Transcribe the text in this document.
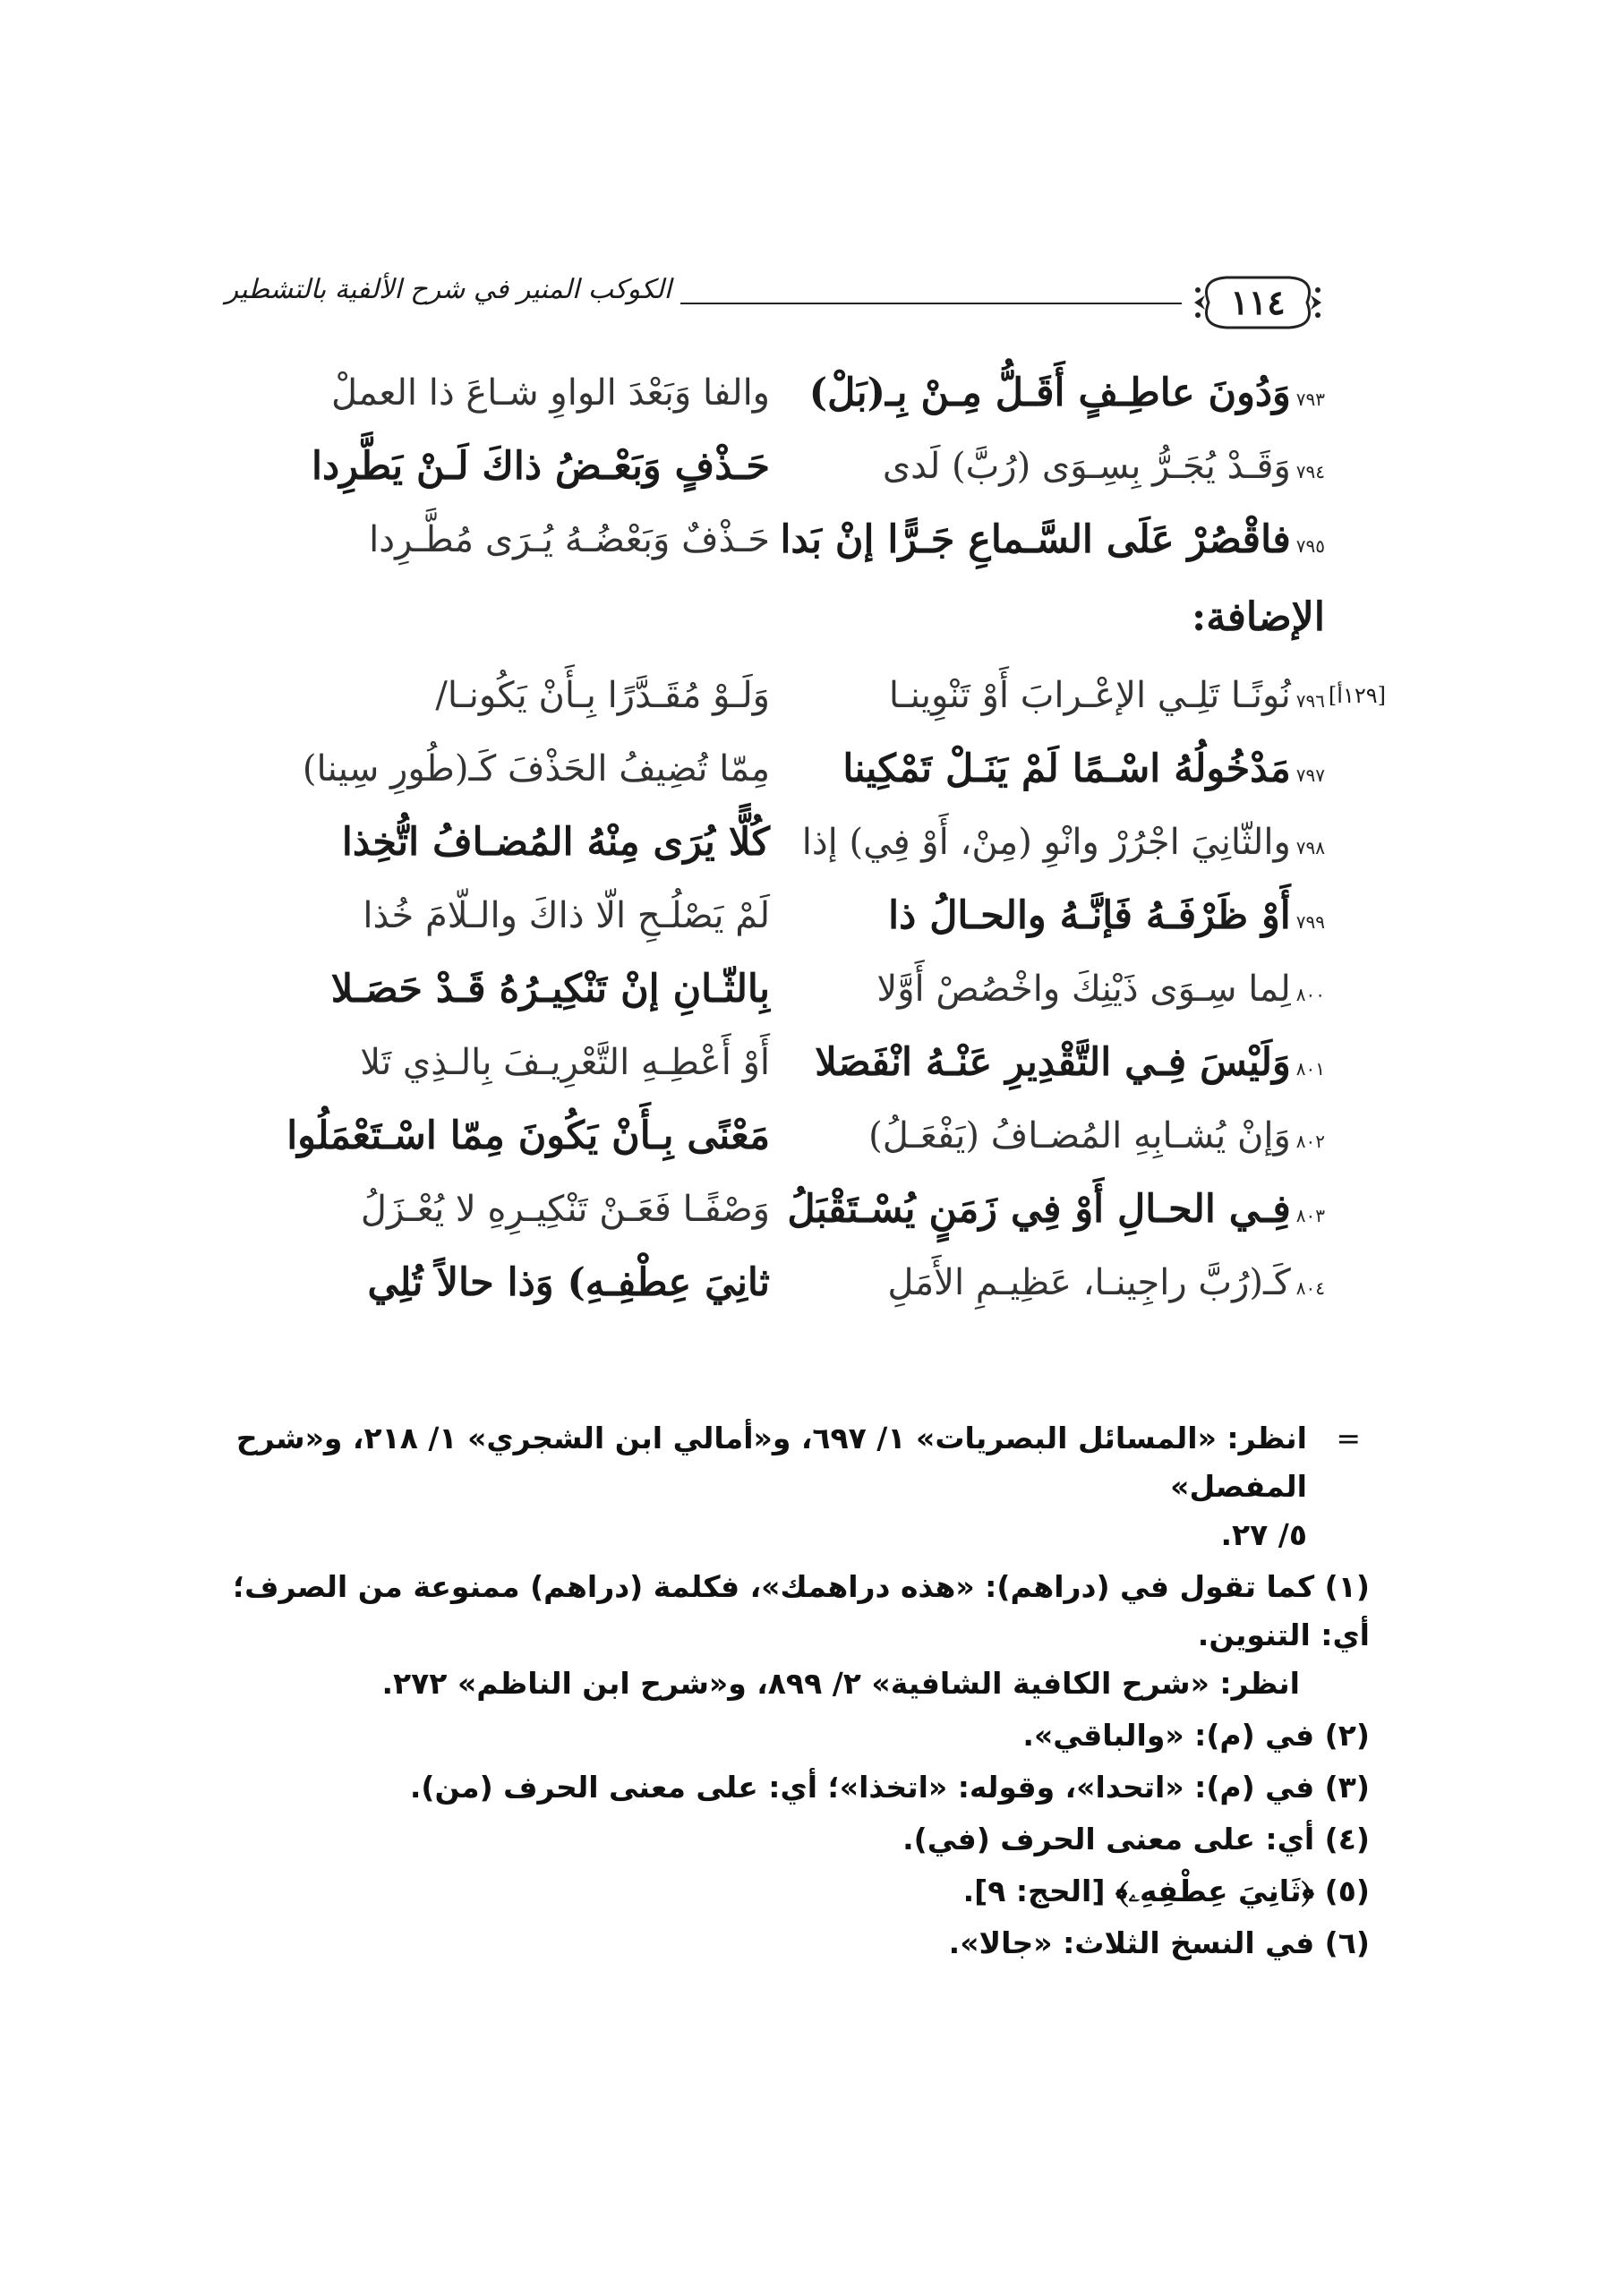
١١٤
الكوكب المنير في شرح الألفية بالتشطير
٧٩٣وَدُونَ عاطِـفٍ أَقَـلُّ مِـنْ بِـ(بَلْ)
والفا وَبَعْدَ الواوِ شـاعَ ذا العملْ
٧٩٤وَقَـدْ يُجَـرُّ بِسِـوَى (رُبَّ) لَدى
حَـذْفٍ وَبَعْـضُ ذاكَ لَـنْ يَطَّرِدا
٧٩٥فاقْصُرْ عَلَى السَّـماعِ جَـرًّا إنْ بَدا
حَـذْفٌ وَبَعْضُـهُ يُـرَى مُطَّـرِدا
الإضافة:
[١٢٩أ]
٧٩٦نُونًـا تَلِـي الإعْـرابَ أَوْ تَنْوِينـا
وَلَـوْ مُقَـدَّرًا بِـأَنْ يَكُونـا/
٧٩٧مَدْخُولُهُ اسْـمًا لَمْ يَنَـلْ تَمْكِينا
مِمّا تُضِيفُ الحَذْفَ كَـ(طُورِ سِينا)
٧٩٨والثّانِيَ اجْرُرْ وانْوِ (مِنْ، أَوْ فِي) إذا
كُلًّا يُرَى مِنْهُ المُضـافُ اتُّخِذا
٧٩٩أَوْ ظَرْفَـهُ فَإنَّـهُ والحـالُ ذا
لَمْ يَصْلُـحِ الّا ذاكَ والـلّامَ خُذا
٨٠٠لِما سِـوَى ذَيْنِكَ واخْصُصْ أَوَّلا
بِالثّـانِ إنْ تَنْكِيـرُهُ قَـدْ حَصَـلا
٨٠١وَلَيْسَ فِـي التَّقْدِيرِ عَنْـهُ انْفَصَلا
أَوْ أَعْطِـهِ التَّعْرِيـفَ بِالـذِي تَلا
٨٠٢وَإنْ يُشـابِهِ المُضـافُ (يَفْعَـلُ)
مَعْنًى بِـأَنْ يَكُونَ مِمّا اسْـتَعْمَلُوا
٨٠٣فِـي الحـالِ أَوْ فِي زَمَنٍ يُسْـتَقْبَلُ
وَصْفًـا فَعَـنْ تَنْكِيـرِهِ لا يُعْـزَلُ
٨٠٤كَـ(رُبَّ راجِينـا، عَظِيـمِ الأَمَلِ
ثانِيَ عِطْفِـهِ) وَذا حالاً تُلِي
=
انظر: «المسائل البصريات» ١/ ٦٩٧، و«أمالي ابن الشجري» ١/ ٢١٨، و«شرح المفصل»
٥/ ٢٧.
(١) كما تقول في (دراهم): «هذه دراهمك»، فكلمة (دراهم) ممنوعة من الصرف؛ أي: التنوين.
انظر: «شرح الكافية الشافية» ٢/ ٨٩٩، و«شرح ابن الناظم» ٢٧٢.
(٢) في (م): «والباقي».
(٣) في (م): «اتحدا»، وقوله: «اتخذا»؛ أي: على معنى الحرف (من).
(٤) أي: على معنى الحرف (في).
(٥) ﴿ثَانِيَ عِطْفِهِۦ﴾ [الحج: ٩].
(٦) في النسخ الثلاث: «جالا».
